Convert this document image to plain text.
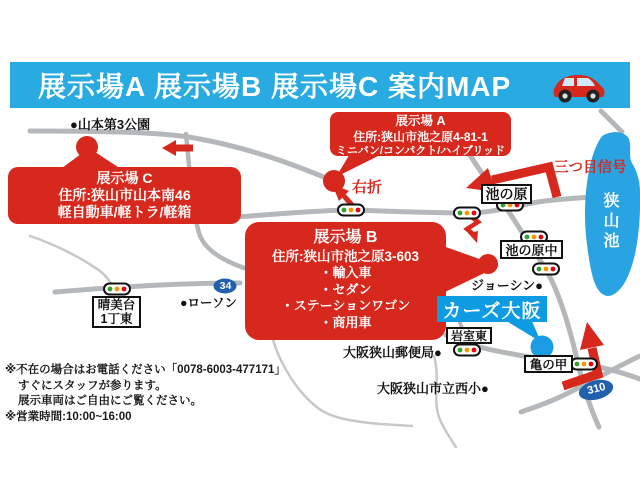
展示場A 展示場B 展示場C 案内MAP
展示場 A
住所:狭山市池之原4-81-1
ミニバン/コンパクト/ハイブリッド
展示場 C
住所:狭山市山本南46
軽自動車/軽トラ/軽箱
展示場 B
住所:狭山市池之原3-603
・輸入車
・セダン
・ステーションワゴン
・商用車
●山本第3公園
●ローソン
ジョーシン●
大阪狭山郵便局●
大阪狭山市立西小●
右折
三つ目信号
池の原
池の原中
晴美台
1丁東
岩室東
亀の甲
カーズ大阪
狭山池
34
310
※不在の場合はお電話ください「0078-6003-477171」
すぐにスタッフが参ります。
展示車両はご自由にご覧ください。
※営業時間:10:00~16:00
